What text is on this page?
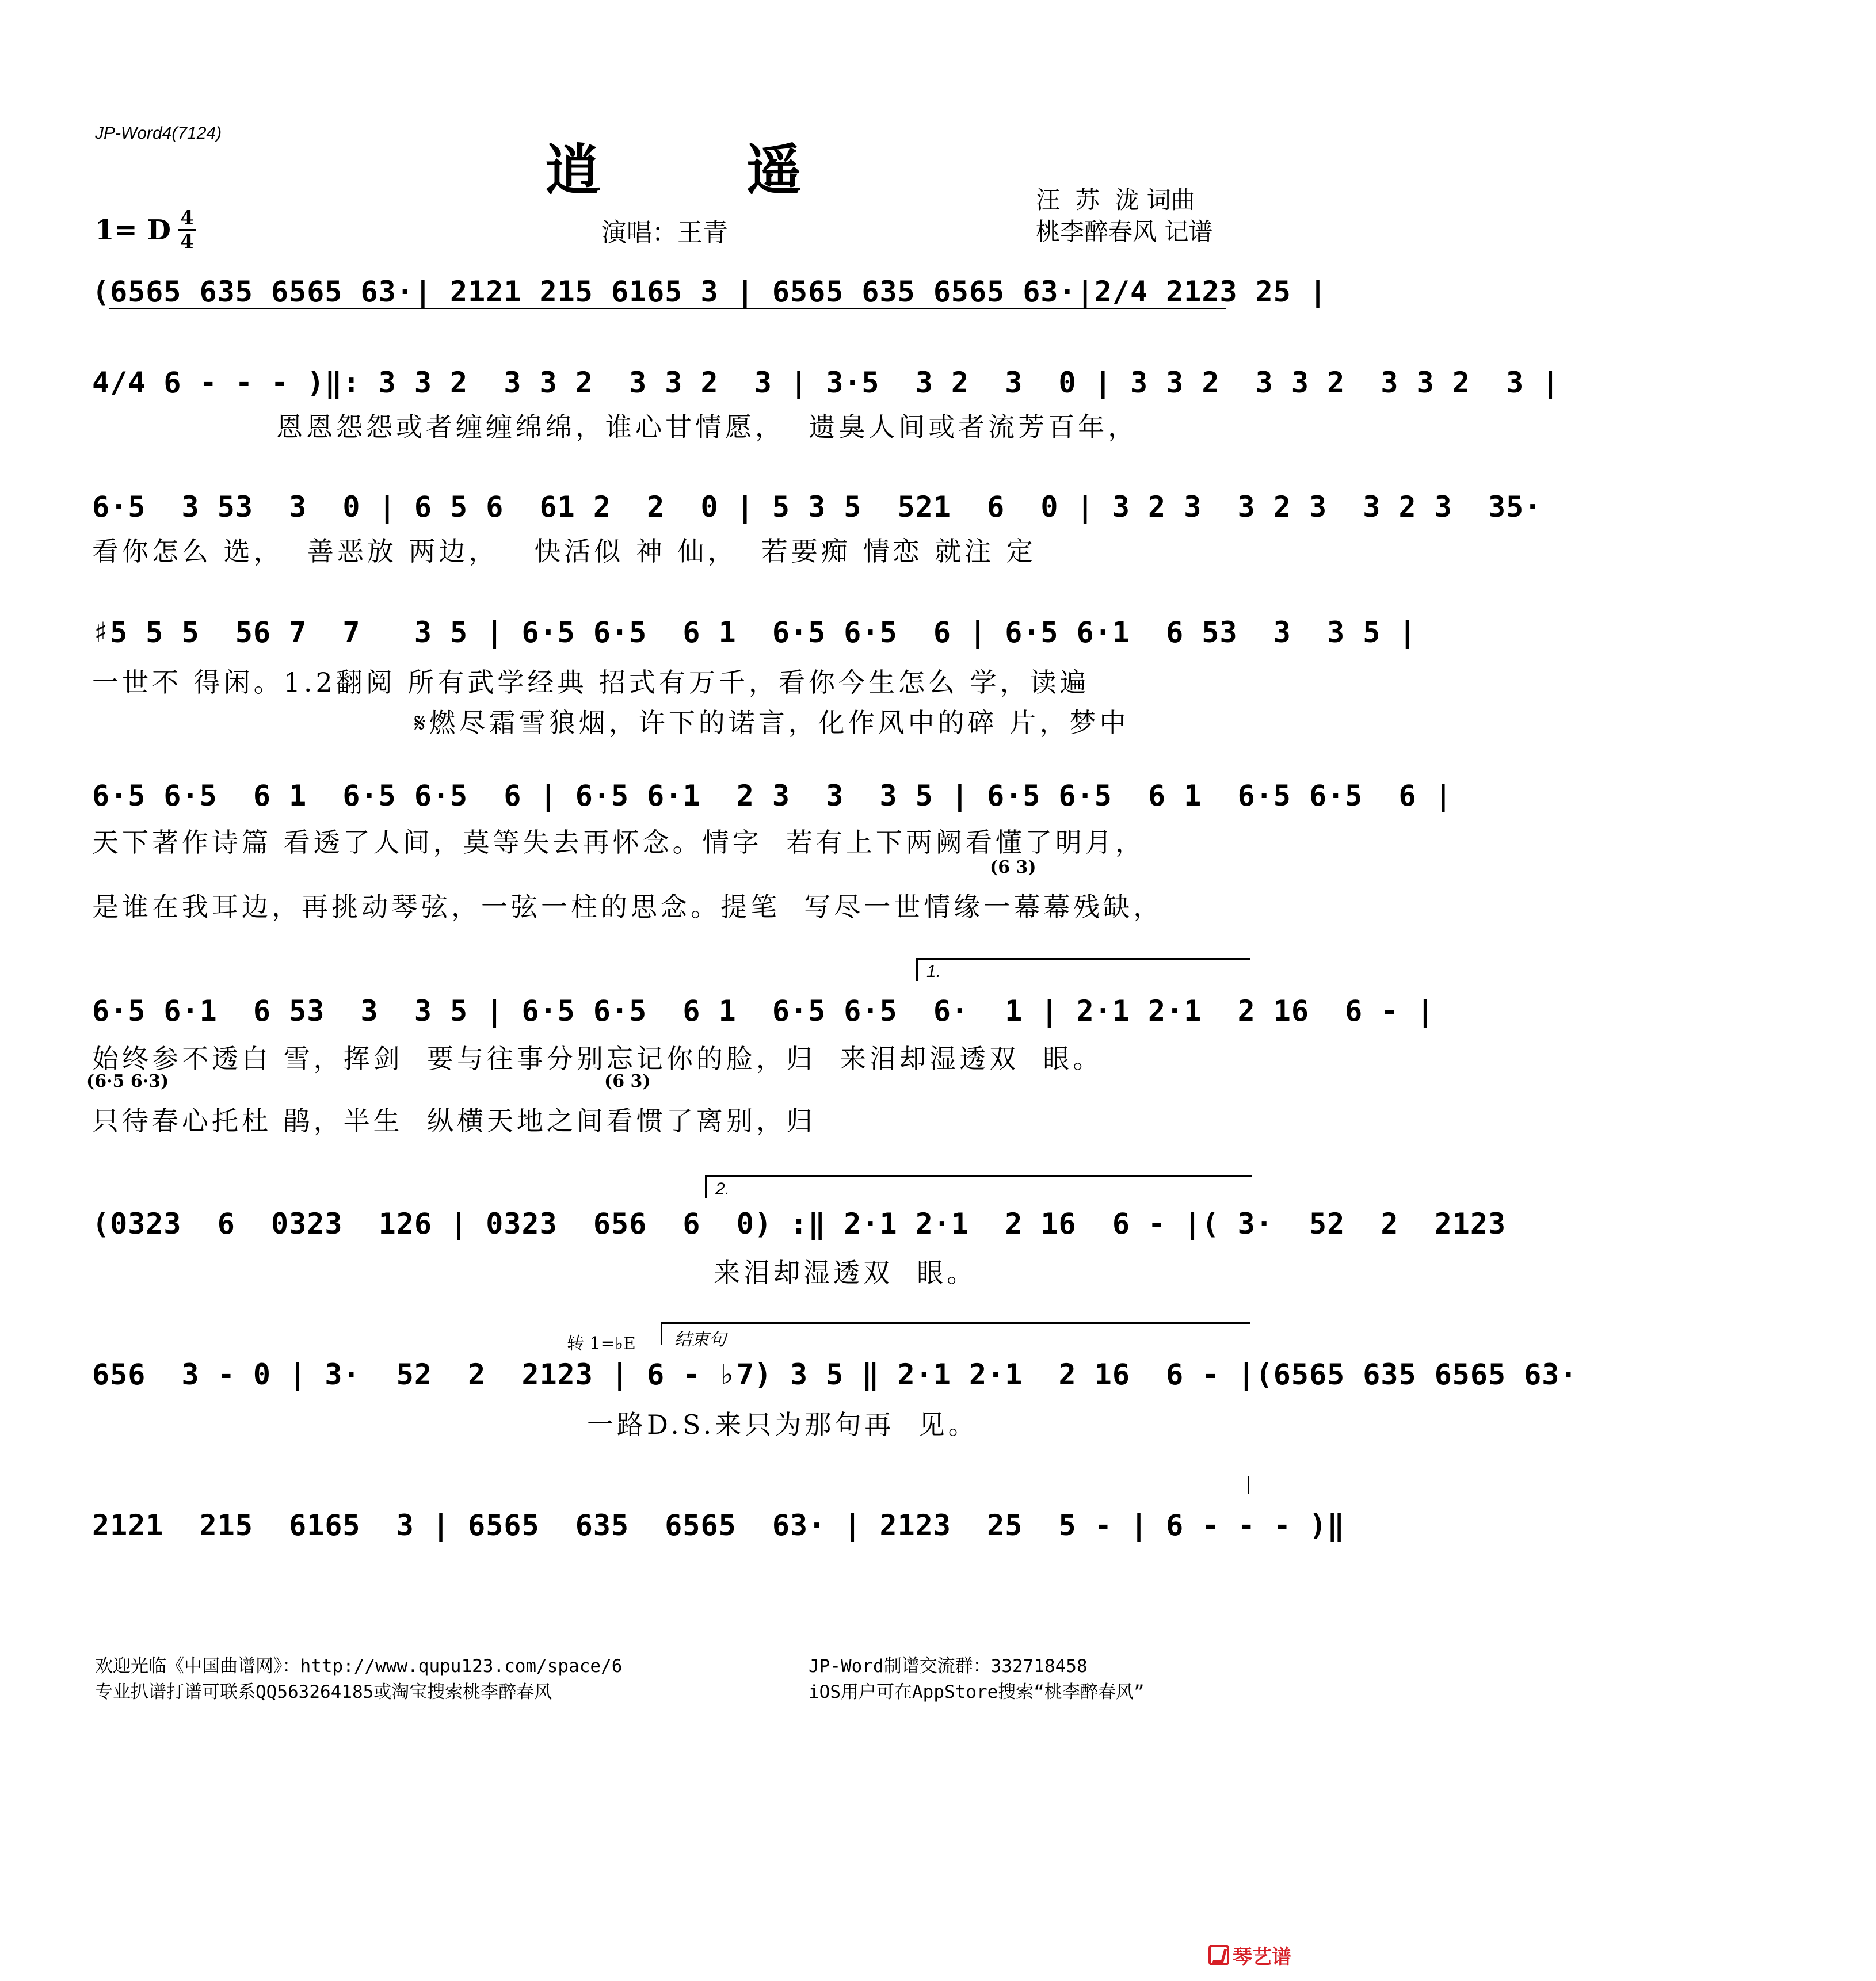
JP-Word4(7124)
逍 遥
1= D 4
4	演唱：王青
汪  苏  泷 词曲
桃李醉春风 记谱
(6565 635 6565 63·| 2121 215 6165 3 | 6565 635 6565 63·|2/4 2123 25 |
4/4 6 - - - )‖: 3 3 2  3 3 2  3 3 2  3 | 3·5  3 2  3  0 | 3 3 2  3 3 2  3 3 2  3 |
恩恩怨怨或者缠缠绵绵，谁心甘情愿，  遗臭人间或者流芳百年，
6·5  3 53  3  0 | 6 5 6  61 2  2  0 | 5 3 5  521  6  0 | 3 2 3  3 2 3  3 2 3  35·
看你怎么 选，  善恶放 两边，   快活似 神 仙，  若要痴 情恋 就注 定
♯5 5 5  56 7  7   3 5 | 6·5 6·5  6 1  6·5 6·5  6 | 6·5 6·1  6 53  3  3 5 |
一世不 得闲。1.2翻阅 所有武学经典 招式有万千，看你今生怎么 学，读遍
𝄋燃尽霜雪狼烟，许下的诺言，化作风中的碎 片，梦中
6·5 6·5  6 1  6·5 6·5  6 | 6·5 6·1  2 3  3  3 5 | 6·5 6·5  6 1  6·5 6·5  6 |
天下著作诗篇 看透了人间，莫等失去再怀念。情字  若有上下两阙看懂了明月，
(6 3)
是谁在我耳边，再挑动琴弦，一弦一柱的思念。提笔  写尽一世情缘一幕幕残缺，
1.
6·5 6·1  6 53  3  3 5 | 6·5 6·5  6 1  6·5 6·5  6·  1 | 2·1 2·1  2 16  6 - |
始终参不透白 雪，挥剑  要与往事分别忘记你的脸，归  来泪却湿透双  眼。
(6·5 6·3)	(6 3)
只待春心托杜 鹃，半生  纵横天地之间看惯了离别，归
2.
(0323  6  0323  126 | 0323  656  6  0) :‖ 2·1 2·1  2 16  6 - |( 3·  52  2  2123
来泪却湿透双  眼。
转 1=♭E 结束句
656  3 - 0 | 3·  52  2  2123 | 6 - ♭7) 3 5 ‖ 2·1 2·1  2 16  6 - |(6565 635 6565 63·
一路D.S.来只为那句再  见。
2121  215  6165  3 | 6565  635  6565  63· | 2123  25  5 - | 6 - - - )‖
欢迎光临《中国曲谱网》：http://www.qupu123.com/space/6
专业扒谱打谱可联系QQ563264185或淘宝搜索桃李醉春风
JP-Word制谱交流群：332718458
iOS用户可在AppStore搜索“桃李醉春风”
琴艺谱
